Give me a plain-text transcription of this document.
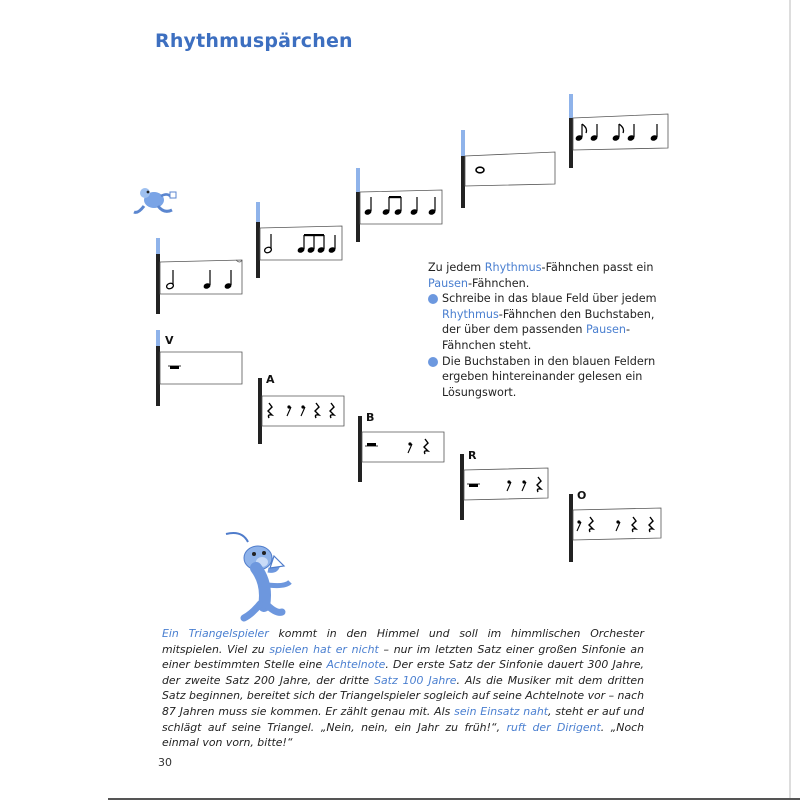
Rhythmuspärchen
V
A
B
R
O

Zu jedem Rhythmus-Fähnchen passt ein Pausen-Fähnchen.

Schreibe in das blaue Feld über jedem Rhythmus-Fähnchen den Buchstaben, der über dem passenden Pausen-Fähnchen steht.
Die Buchstaben in den blauen Feldern ergeben hintereinander gelesen ein Lösungswort.
Ein Triangelspieler kommt in den Himmel und soll im himmlischen Orchester mitspielen. Viel zu spielen hat er nicht – nur im letzten Satz einer großen Sinfonie an einer bestimmten Stelle eine Achtelnote. Der erste Satz der Sinfonie dauert 300 Jahre, der zweite Satz 200 Jahre, der dritte Satz 100 Jahre. Als die Musiker mit dem dritten Satz beginnen, bereitet sich der Triangelspieler sogleich auf seine Achtelnote vor – nach 87 Jahren muss sie kommen. Er zählt genau mit. Als sein Einsatz naht, steht er auf und schlägt auf seine Triangel. „Nein, nein, ein Jahr zu früh!“, ruft der Dirigent. „Noch einmal von vorn, bitte!“
30
